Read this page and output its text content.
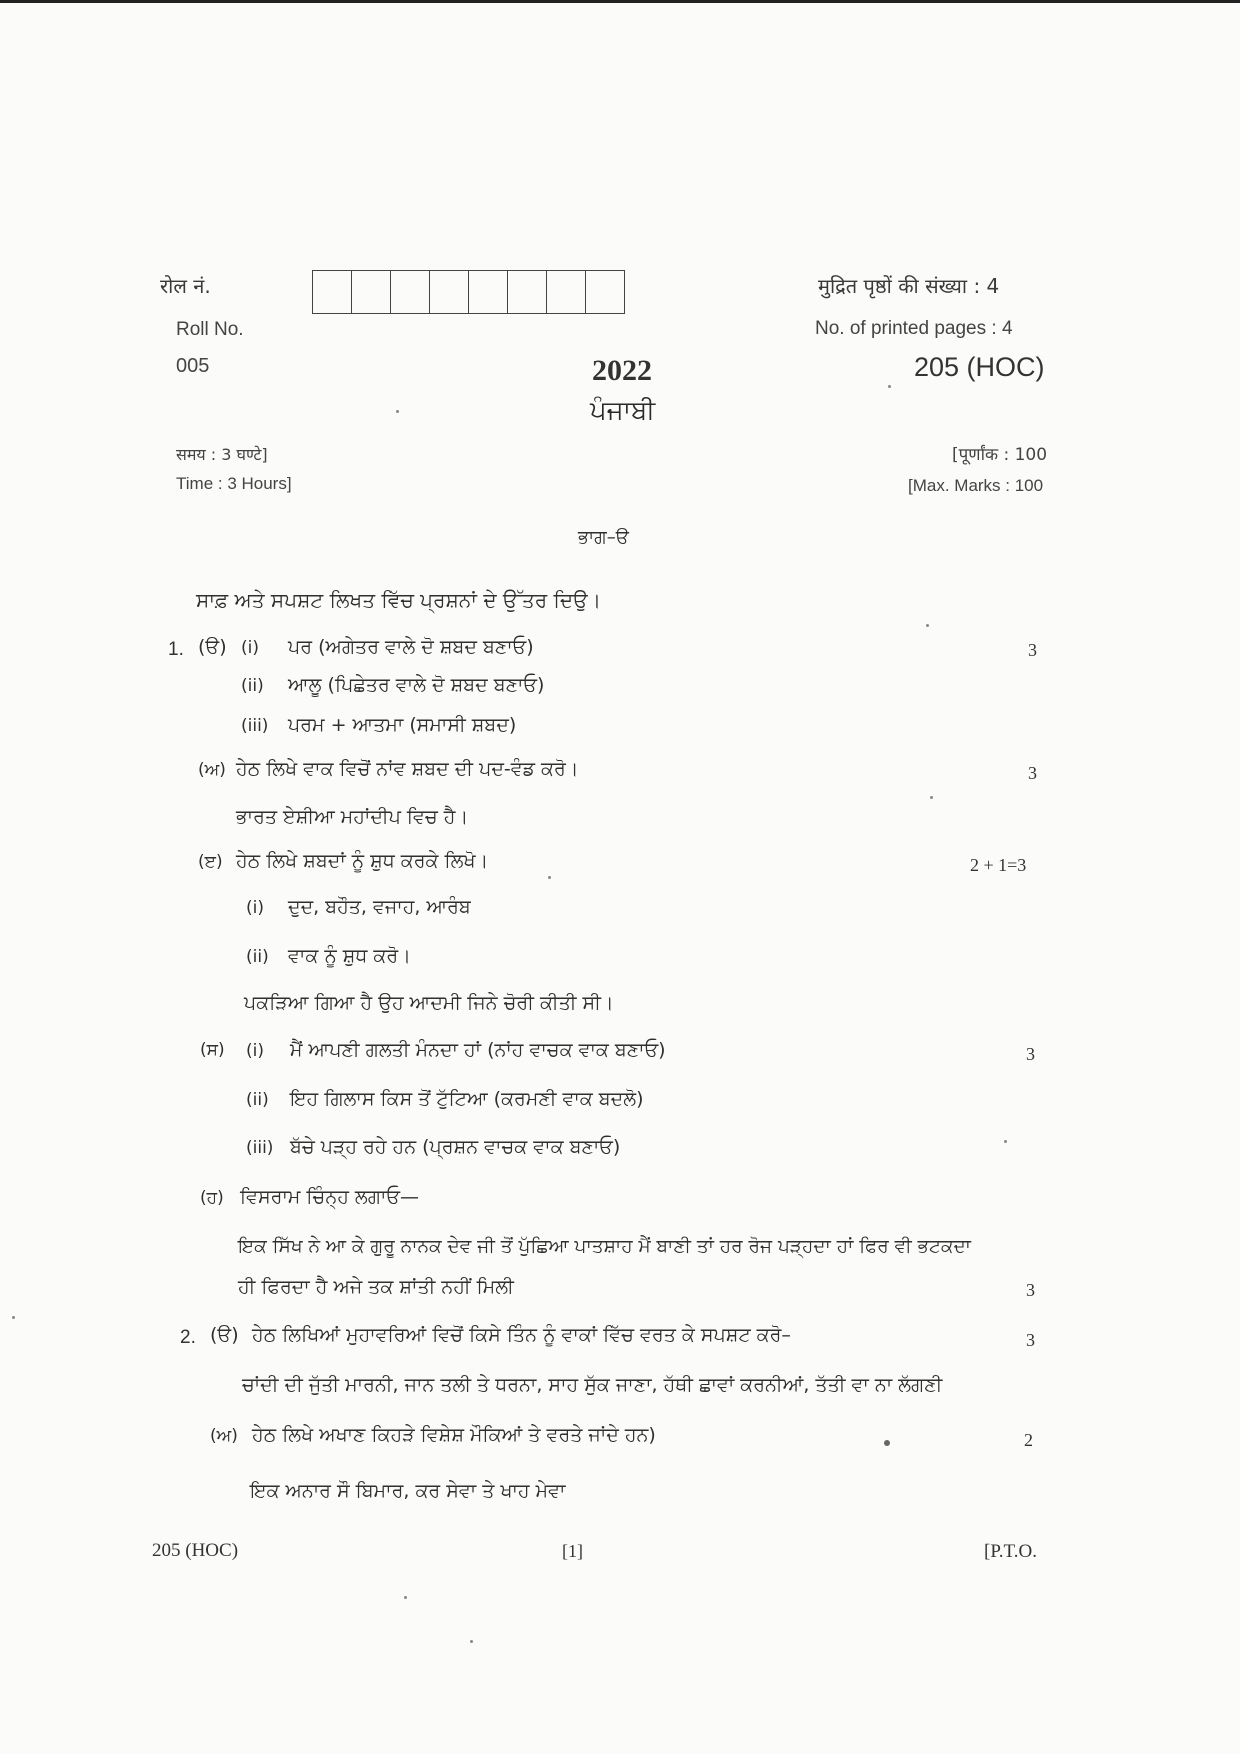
रोल नं.	मुद्रित पृष्ठों की संख्या : 4
Roll No.	No. of printed pages : 4
005	2022	205 (HOC)
ਪੰਜਾਬੀ
समय : 3 घण्टे]	[पूर्णांक : 100
Time : 3 Hours]	[Max. Marks : 100
ਭਾਗ–ੳ
ਸਾਫ਼ ਅਤੇ ਸਪਸ਼ਟ ਲਿਖਤ ਵਿੱਚ ਪ੍ਰਸ਼ਨਾਂ ਦੇ ਉੱਤਰ ਦਿਉ।
1. (ੳ) (i) ਪਰ (ਅਗੇਤਰ ਵਾਲੇ ਦੋ ਸ਼ਬਦ ਬਣਾਓ)	3
(ii) ਆਲੂ (ਪਿਛੇਤਰ ਵਾਲੇ ਦੋ ਸ਼ਬਦ ਬਣਾਓ)
(iii) ਪਰਮ + ਆਤਮਾ (ਸਮਾਸੀ ਸ਼ਬਦ)
(ਅ) ਹੇਠ ਲਿਖੇ ਵਾਕ ਵਿਚੋਂ ਨਾਂਵ ਸ਼ਬਦ ਦੀ ਪਦ-ਵੰਡ ਕਰੋ।	3
ਭਾਰਤ ਏਸ਼ੀਆ ਮਹਾਂਦੀਪ ਵਿਚ ਹੈ।
(ੲ) ਹੇਠ ਲਿਖੇ ਸ਼ਬਦਾਂ ਨੂੰ ਸ਼ੁਧ ਕਰਕੇ ਲਿਖੋ।	2 + 1=3
(i) ਦੁਦ, ਬਹੌਤ, ਵਜਾਹ, ਆਰੰਬ
(ii) ਵਾਕ ਨੂੰ ਸ਼ੁਧ ਕਰੋ।
ਪਕੜਿਆ ਗਿਆ ਹੈ ਉਹ ਆਦਮੀ ਜਿਨੇ ਚੋਰੀ ਕੀਤੀ ਸੀ।
(ਸ) (i) ਮੈਂ ਆਪਣੀ ਗਲਤੀ ਮੰਨਦਾ ਹਾਂ (ਨਾਂਹ ਵਾਚਕ ਵਾਕ ਬਣਾਓ)	3
(ii) ਇਹ ਗਿਲਾਸ ਕਿਸ ਤੋਂ ਟੁੱਟਿਆ (ਕਰਮਣੀ ਵਾਕ ਬਦਲੋ)
(iii) ਬੱਚੇ ਪੜ੍ਹ ਰਹੇ ਹਨ (ਪ੍ਰਸ਼ਨ ਵਾਚਕ ਵਾਕ ਬਣਾਓ)
(ਹ) ਵਿਸਰਾਮ ਚਿੰਨ੍ਹ ਲਗਾਓ—
ਇਕ ਸਿੱਖ ਨੇ ਆ ਕੇ ਗੁਰੂ ਨਾਨਕ ਦੇਵ ਜੀ ਤੋਂ ਪੁੱਛਿਆ ਪਾਤਸ਼ਾਹ ਮੈਂ ਬਾਣੀ ਤਾਂ ਹਰ ਰੋਜ ਪੜ੍ਹਦਾ ਹਾਂ ਫਿਰ ਵੀ ਭਟਕਦਾ
ਹੀ ਫਿਰਦਾ ਹੈ ਅਜੇ ਤਕ ਸ਼ਾਂਤੀ ਨਹੀਂ ਮਿਲੀ	3
2. (ੳ) ਹੇਠ ਲਿਖਿਆਂ ਮੁਹਾਵਰਿਆਂ ਵਿਚੋਂ ਕਿਸੇ ਤਿੰਨ ਨੂੰ ਵਾਕਾਂ ਵਿੱਚ ਵਰਤ ਕੇ ਸਪਸ਼ਟ ਕਰੋ–	3
ਚਾਂਦੀ ਦੀ ਜੁੱਤੀ ਮਾਰਨੀ, ਜਾਨ ਤਲੀ ਤੇ ਧਰਨਾ, ਸਾਹ ਸੁੱਕ ਜਾਣਾ, ਹੱਥੀ ਛਾਵਾਂ ਕਰਨੀਆਂ, ਤੱਤੀ ਵਾ ਨਾ ਲੱਗਣੀ
(ਅ) ਹੇਠ ਲਿਖੇ ਅਖਾਣ ਕਿਹੜੇ ਵਿਸ਼ੇਸ਼ ਮੌਕਿਆਂ ਤੇ ਵਰਤੇ ਜਾਂਦੇ ਹਨ)	2
ਇਕ ਅਨਾਰ ਸੌ ਬਿਮਾਰ, ਕਰ ਸੇਵਾ ਤੇ ਖਾਹ ਮੇਵਾ
205 (HOC)	[1]	[P.T.O.
